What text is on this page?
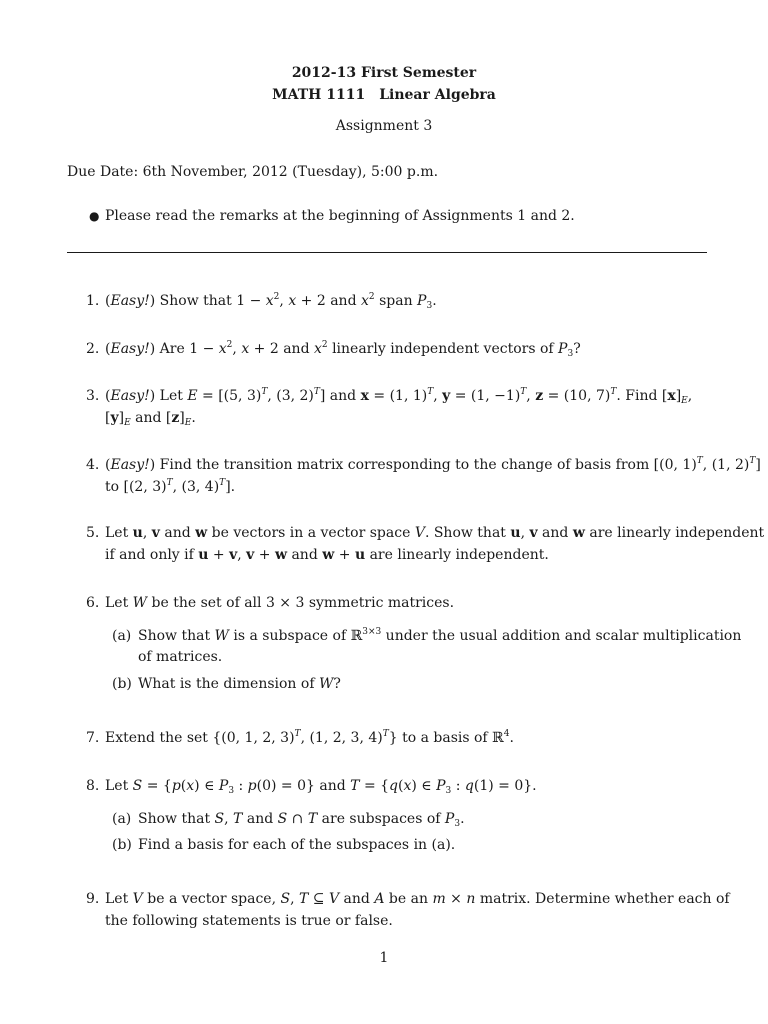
2012-13 First Semester
MATH 1111 Linear Algebra
Assignment 3
Due Date: 6th November, 2012 (Tuesday), 5:00 p.m.
● Please read the remarks at the beginning of Assignments 1 and 2.
1. (Easy!) Show that $1 - x^2$, x + 2 and $x^2$ span $P_3$.
2. (Easy!) Are $1 - x^2$, x + 2 and $x^2$ linearly independent vectors of $P_3$?
3. (Easy!) Let E = [(5, 3)$^T$, (3, 2)$^T$] and x = (1, 1)$^T$, y = (1, −1)$^T$, z = (10, 7)$^T$. Find $[x]_E$,
$[y]_E$ and $[z]_E$.
4. (Easy!) Find the transition matrix corresponding to the change of basis from [(0, 1)$^T$, (1, 2)$^T$]
to [(2, 3)$^T$, (3, 4)$^T$].
5. Let u, v and w be vectors in a vector space V. Show that u, v and w are linearly independent
if and only if u + v, v + w and w + u are linearly independent.
6. Let W be the set of all 3 × 3 symmetric matrices.
(a) Show that W is a subspace of ℝ$^{3\times 3}$ under the usual addition and scalar multiplication
of matrices.
(b) What is the dimension of W?
7. Extend the set {(0, 1, 2, 3)$^T$, (1, 2, 3, 4)$^T$} to a basis of ℝ$^4$.
8. Let S = {p(x) ∈ $P_3$ : p(0) = 0} and T = {q(x) ∈ $P_3$ : q(1) = 0}.
(a) Show that S, T and S ∩ T are subspaces of $P_3$.
(b) Find a basis for each of the subspaces in (a).
9. Let V be a vector space, S, T ⊆ V and A be an m × n matrix. Determine whether each of
the following statements is true or false.
1
